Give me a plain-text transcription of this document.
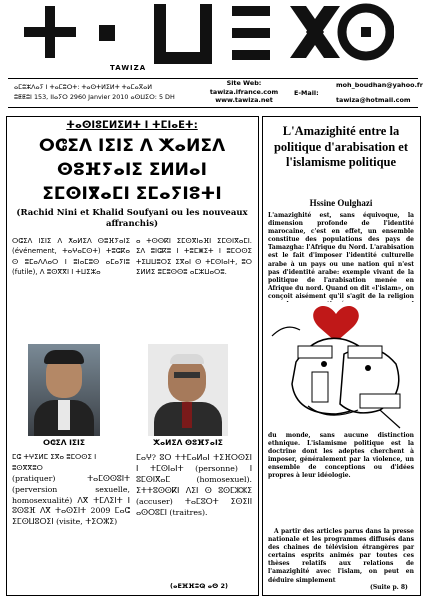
TAWIZA
ⴰⵎⵓⵣⴷⴰⵢ ⵏ ⵜⴰⵎⵓⵔⵜ: ⵜⴰⵙⵜⵍⵉⵍⵜ ⵜⴰⵎⴰⴳⴰⵍ
ⵓⵟⵟⵓⵏ 153, ⵏⵏⴰⵢⵔ 2960 Janvier 2010 ⴰⵙⵡⵉⵔ: 5 DH
Site Web:
tawiza.ifrance.com
www.tawiza.net
E-Mail:
moh_boudhan@yahoo.fr
tawiza@hotmail.com
ⵜⴰⵙⵏⵓⵎⵍⵉⵍⵜ ⵏ ⵜⵎⵏⴰⴹⵜ:
ⵔⵛⵉⴷ ⵏⵉⵏⵉ ⴷ ⵅⴰⵍⵉⴷ ⵙⵓⴼⵢⴰⵏⵉ ⵉⵍⵍⴰⵏ ⵉⵎⵙⵏⴳⴰⵎⵏ ⵉⵎⴰⵢⵏⵓⵜⵏ
(Rachid Nini et Khalid Soufyani ou les nouveaux affranchis)
ⵔⵛⵉⴷ ⵏⵉⵏⵉ ⴷ ⵅⴰⵍⵉⴷ ⵙⵓⴼⵢⴰⵏⵉ (événement, ⵜⴰⵖⴰⵎⵙⵜ) ⵜⵓⵛⴽⴰ ⵙ ⵓⵎⴰⴷⴷⴰⵔ ⵏ ⵓⵏⴰⵎⵓⵙ ⴰⵎⴰⵢⵏⵓ (futile), ⴷ ⵓⵙⴳⴳⵏ ⵏ ⵜⵡⵉⵣⴰ
ⴰ ⵜⵙⵙⴽⵏ ⵉⵎⵙⴳⵏⴰⴼⵏ ⵉⵎⵙⵏⴳⴰⵎⵏ. ⵉⴷ ⵓⵏⵛⴽⵓ ⵏ ⵜⵓⵎⵥⵉⵜ ⵏ ⵓⵎⵔⵙⵉ ⵜⵉⵡⵡⵓⵔⵉ ⵉⴳⴰⵏ ⵙ ⵜⵎⵙⵏⴰⵏⵜ, ⵓⵔ ⵉⵍⵍⵉ ⵓⵎⵓⵙⵙⵓ ⴰⵎⵣⵡⴰⵔⵓ.
ⵔⵛⵉⴷ ⵏⵉⵏⵉ	ⵅⴰⵍⵉⴷ ⵙⵓⴼⵢⴰⵏⵉ
ⵎⵛ ⵜⵖⵉⵍⵎ ⵉⴳⴰ ⵓⵎⵔⵙⵉ ⵏ ⵓⵙⴳⴳⵓⵔ
(pratiquer) ⵜⴰⵎⵙⵙⵓⵏⵜ (perversion sexuelle, homosexualité) ⴷⴳ ⵜⵎⴷⵉⵏⵜ ⵏ ⵓⵙⵓⴼ ⴷⴳ ⵜⴰⵙⵉⵏⵜ 2009 ⵎⴰⵛ ⵉⵎⵙⵡⵓⵔⵉⵏ (visite, ⵜⵉⵔⵣⵉ)
ⵎⴰⵖ? ⵓⵔ ⵜⵜⵎⴰⵍⴰⵏ ⵜⵉⴼⵔⵙⵉⵏ ⵏ ⵜⵎⵙⵏⴰⵏⵜ (personne) ⵏ ⵓⵎⵙⵏⴳⴰⵎ (homosexuel). ⵉⵜⵜⵓⵙⵙⴽⵏ ⴷⵉⵏ ⵙ ⵓⵙⵎⵣⵣⵉ (accuser) ⵜⴰⵎⵓⵔⵜ ⵉⵙⵉⵏⵏ ⴰⵙⵔⵓⵎⵏ (traitres).
(ⴰⴹⴼⴼⵓⵕ ⴰⵙ 2)
L'Amazighité entre la politique d'arabisation et l'islamisme politique
Hssine Oulghazi
L'amazighité est, sans équivoque, la dimension profonde de l'identité marocaine, c'est en effet, un ensemble constitue des populations des pays de Tamazgha: l'Afrique du Nord. L'arabisation est le fait d'imposer l'identité culturelle arabe à un pays ou une nation qui n'est pas d'identité arabe: exemple vivant de la politique de l'arabisation menée en Afrique du nord. Quand on dit «l'islam», on conçoit aisément qu'il s'agit de la religion
du monde, sans aucune distinction ethnique. L'islamisme politique est la doctrine dont les adeptes cherchent à imposer, généralement par la violence, un ensemble de conceptions ou d'idées propres à leur idéologie.
A partir des articles parus dans la presse nationale et les programmes diffusés dans des chaines de télévision étrangères par certains esprits animés par toutes ces thèses relatifs aux relations de l'amazighité avec l'islam, on peut en déduire simplement
(Suite p. 8)
